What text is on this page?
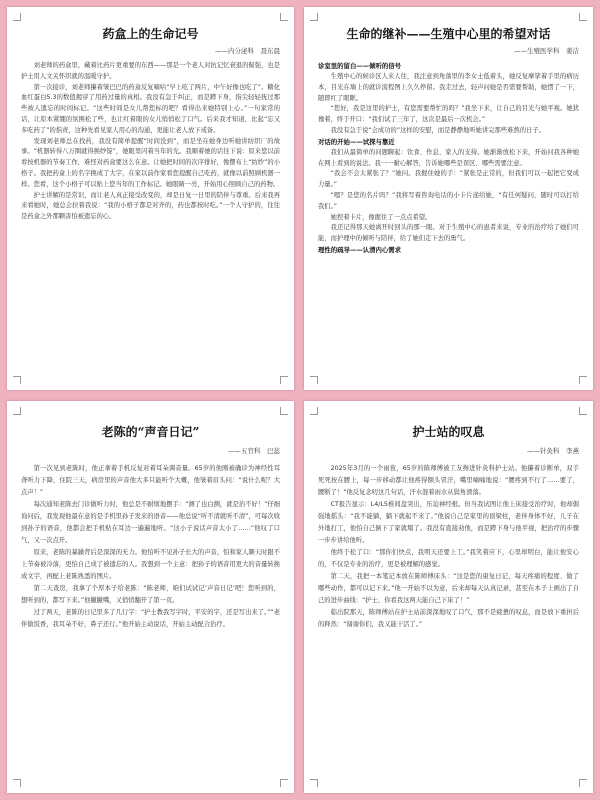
药盒上的生命记号

——内分泌科　聂东晨

刘老师的药盒里，藏着比药片更重要的东西——那是一个老人对抗记忆衰退的倔强，也是护士用人文关怀织就的温暖守护。

第一次接诊，刘老师攥着皱巴巴的药盒反复嘀咕“早上吃了两片，中午好像也吃了”。糖化血红蛋白5.3的数值揭穿了用药过量的真相。我没有急于纠正，而是蹲下身，指尖轻轻抚过那些被人遗忘的时间标记。“这些时间是女儿帮您标的吧？看得出来她特别上心。”一句家常的话，让原本紧绷的氛围松了些，也让红着眼的女儿悄悄松了口气。后来我才知道，比起“忘又多吃药了”的指责，这种先看见家人用心的沟通，更能让老人放下戒备。

发现刘老师总在找药，我没有简单提醒“时间没到”，而是坐在她身边听她讲纺织厂的故事。“机器转得八万圈就得换纱锭”，她眼里闪着当年的光。我顺着她的话往下说：原来您以前看按机器的节奏工作，难怪对药盒要这么在意。让她把时间的次序排好，像摆布上“纺纱”的小格子。我把药盒上的名字换成了大字，在家以前作家看您提醒自己吃药，就像以前照顾机器一样。您看，这个小格子可以贴上您当年的工作标记。她眼睛一亮，开始用心照顾自己的药物。

护士讲解的是常识，而让老人真正接受改变的，却是日复一日里的陪伴与尊重。后来我再来看她时，她总会拉着我说：“我的小格子都是对齐的，药也都按时吃。”一个人守护的，往往是药盒之外那颗害怕被遗忘的心。

生命的继补——生殖中心里的希望对话

——生殖医学科　姜洁

诊室里的留白——倾听的信号

生殖中心的候诊区人来人往，我注意到角落里的李女士低着头，她反复摩挲着手里的病历本，目光在墙上的就诊流程图上久久停留。我走过去，轻声问她是否需要帮助，她愣了一下，随即红了眼眶。

“您好，我是这里的护士，有您需要帮忙的吗？”我坐下来，让自己的目光与她平视。她犹豫着，终于开口：“我们试了三年了，这次是最后一次机会。”

我没有急于说“会成功的”这样的安慰，而是静静地听她讲完那些难熬的日子。

对话的开始——试探与靠近

我们从最简单的问题聊起：饮食、作息、家人的支持。她渐渐放松下来，开始问我各种她在网上看到的说法。我一一耐心解答，告诉她哪些是误区、哪些需要注意。

“我会不会太紧张了？”她问。我握住她的手：“紧张是正常的，但我们可以一起把它变成力量。”

“嗯？是您的名片吗？”我将写着咨询电话的小卡片递给她，“有任何疑问，随时可以打给我们。”

她捏着卡片，像握住了一点点希望。

我还记得那天她离开时回头的那一眼。对于生殖中心的患者来说，专业的治疗给了她们可能，而护理中的倾听与陪伴，给了她们走下去的勇气。

理性的疏导——认清内心需求

老陈的“声音日记”

——五官科　巴蕊

第一次见到老陈时，他正拿着手机反复对着耳朵调音量。65岁的他刚被确诊为神经性耳聋听力下降，住院三天，病房里的声音他大多只能听个大概，他皱着眉头问：“说什么呢？大点声！”

每次通知老陈去门诊做听力时，他总是不耐烦地摆手：“测了也白测，就是治不好！”仔细询问后，我发现他最在意的是手机里孙子发来的语音——他总说“听不清就听不清”，可每次收到孙子的语音，他都会把手机贴在耳边一遍遍地听。“这小子说话声音太小了……”他叹了口气，又一次点开。

原来，老陈的暴躁背后是深深的无力。他怕听不见孙子长大的声音，怕和家人聊天时跟不上节奏被冷落，更怕自己成了被遗忘的人。我想到一个主意：把孙子的语音用更大的音量转换成文字，再配上老陈熟悉的图片。

第二天查房，我拿了个厚本子给老陈：“陈老师，咱们试试记‘声音日记’吧！您听到的，想听到的，都写下来。”他撇撇嘴，又悄悄翻开了第一页。

过了两天，老陈的日记里多了几行字：“护士教我写字时，平安的字，还是写出来了。”“老伴做饭香，我耳朵不好，鼻子还行。”他开始主动说话，开始主动配合治疗。

护士站的叹息

——针灸科　李燕

2025年3月的一个雨夜，65岁的陈师傅被工友搀进针灸科护士站。他攥着诊断单，双手死死按在腰上，每一步移动都让他疼得额头冒汗，嘴里喃喃地说：“腰疼到不行了……要了，腰断了！”他反复念叨这几句话，汗水混着雨水从鬓角滑落。

CT报告显示：L4/L5椎间盘突出，压迫神经根。但当我试图让他上床接受治疗时，他却倔强地摇头：“我不能躺，躺下就起不来了。”他说自己是家里的顶梁柱，老伴身体不好，儿子在外地打工，他怕自己倒下了家就塌了。我没有直接劝他，而是蹲下身与他平视，把治疗的步骤一步步讲给他听。

他终于松了口：“那你们快点，我明天还要上工。”我笑着应下，心里却明白，能让他安心的，不仅是专业的治疗，更是被理解的感觉。

第二天，我把一本笔记本放在陈师傅床头：“这是您的康复日记，每天疼痛的程度、做了哪些动作，都可以记下来。”他一开始不以为意，后来却每天认真记录，甚至在本子上画出了自己的进步曲线：“护士，你看我这两天能自己下床了！”

临出院那天，陈师傅站在护士站前深深地叹了口气，那不是疲惫的叹息，而是放下重担后的释然：“谢谢你们，我又能干活了。”
